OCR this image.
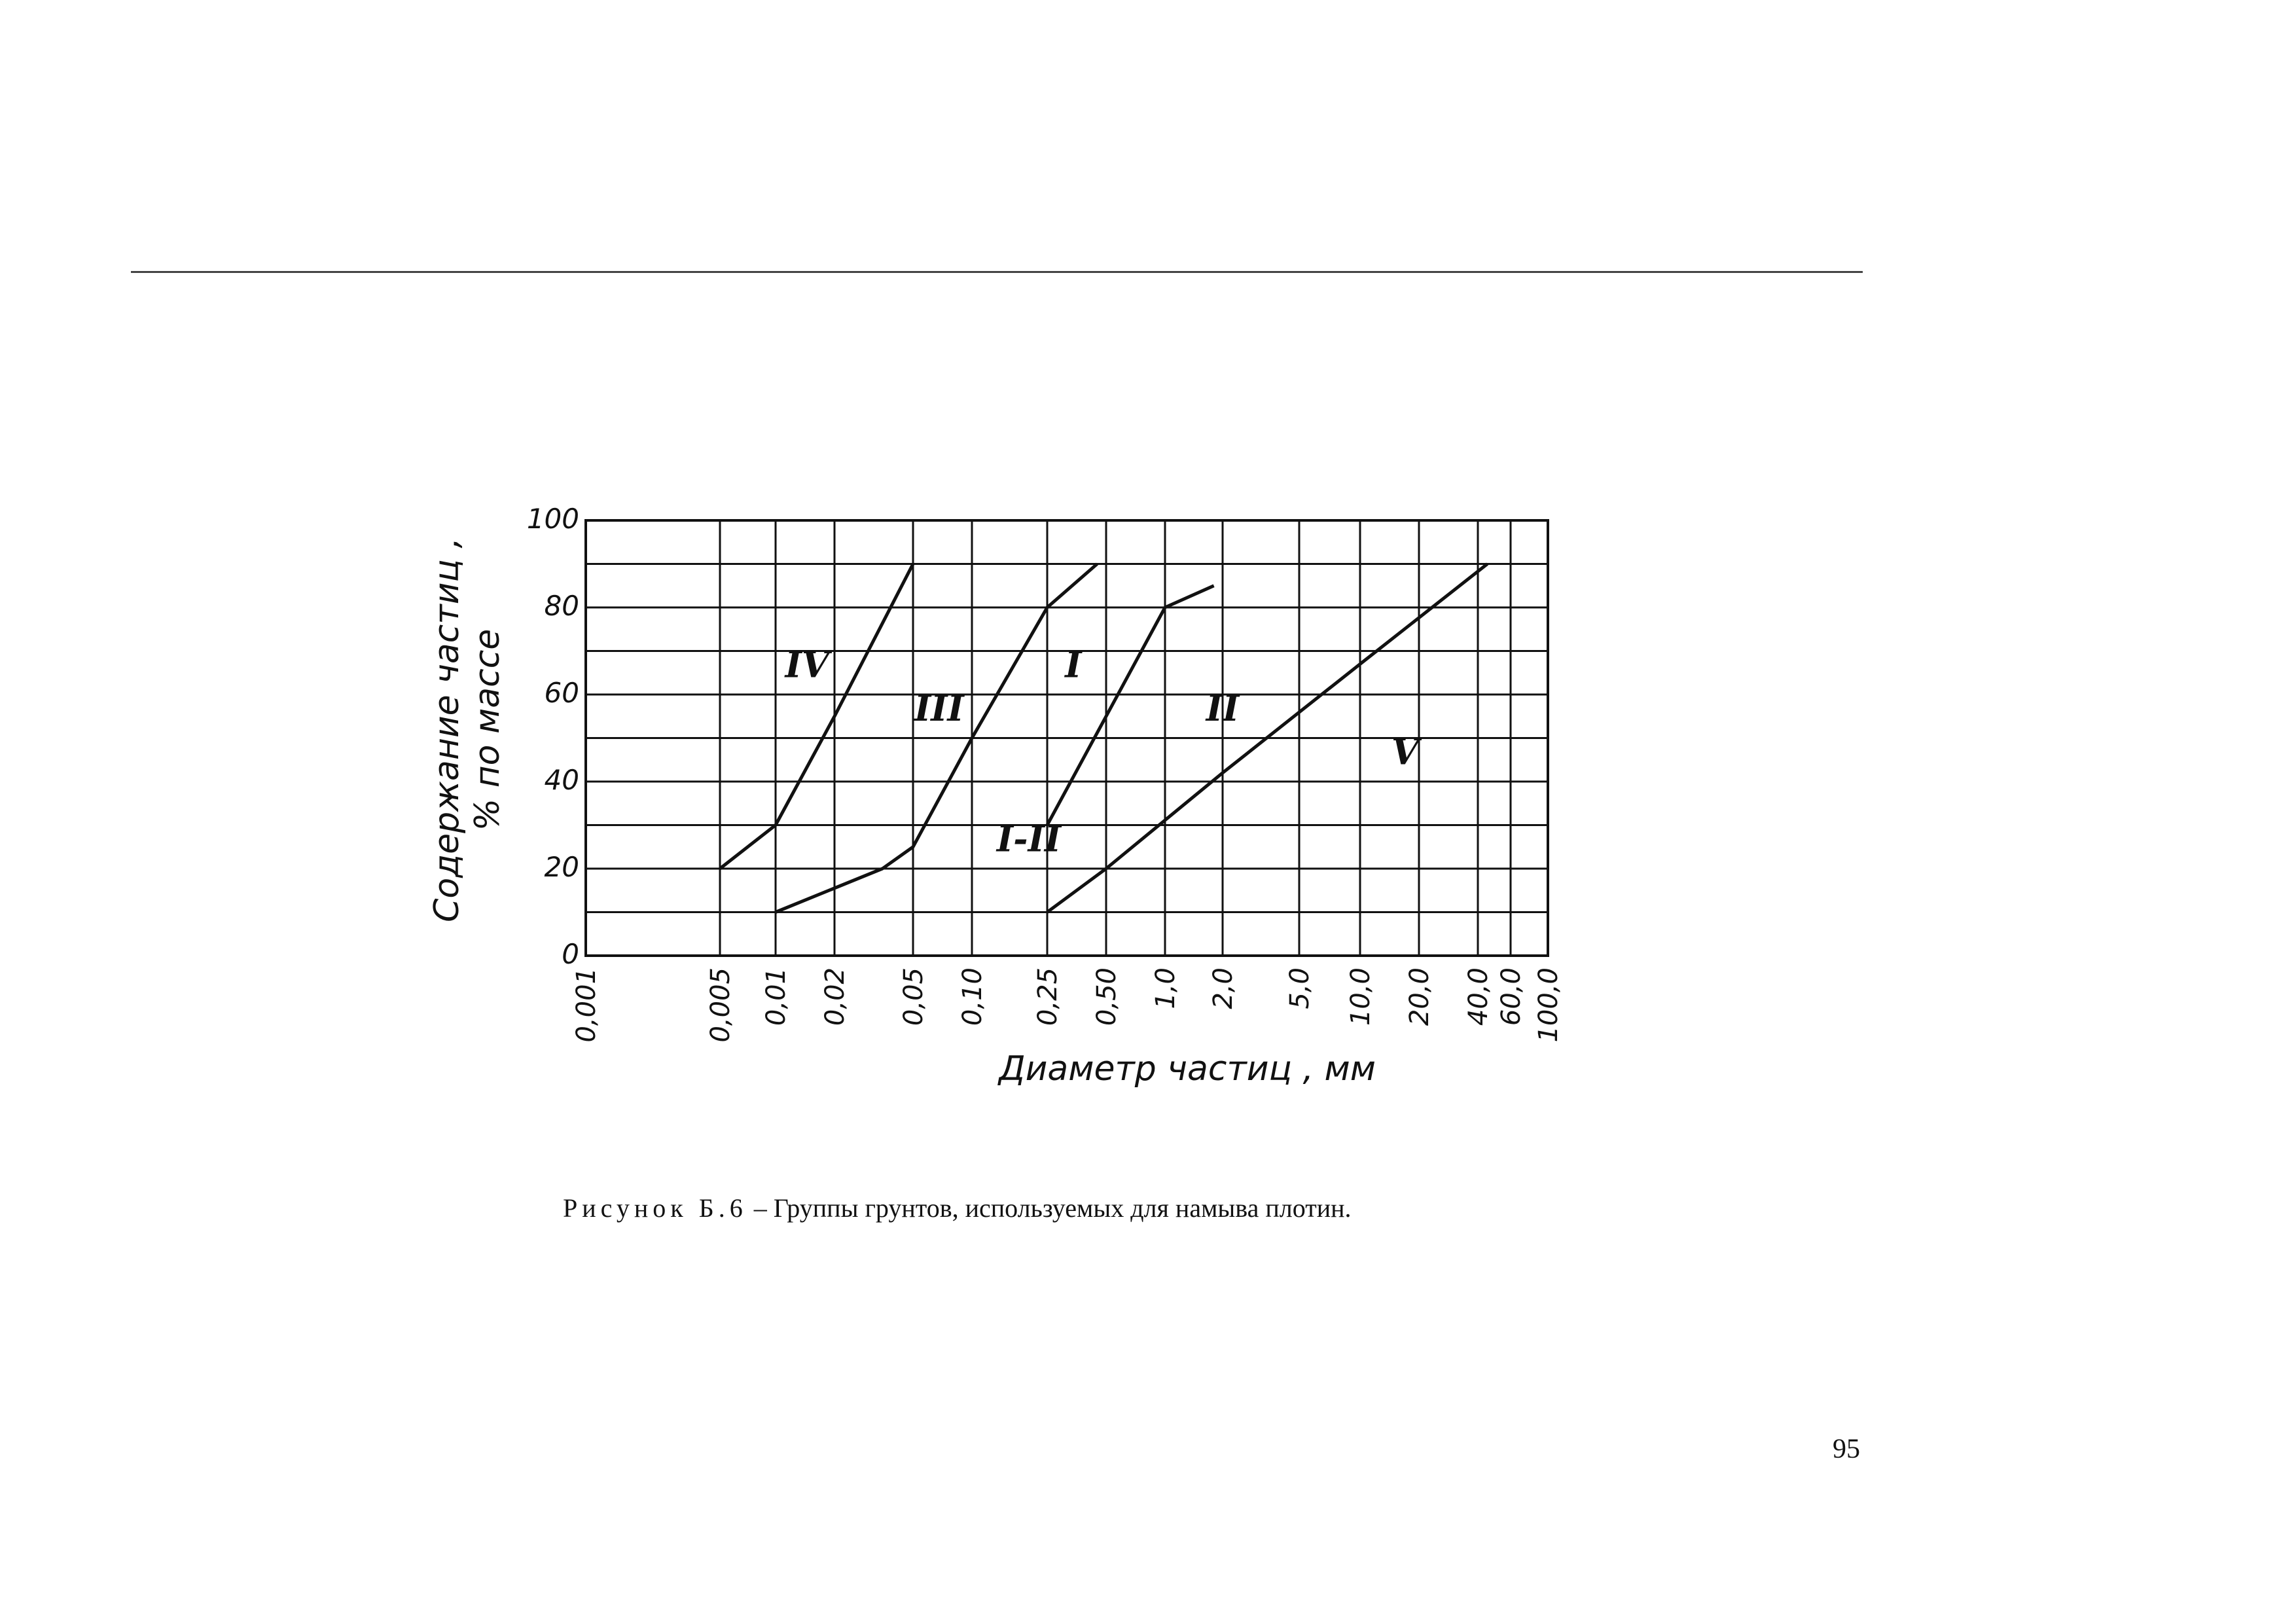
IV
III
I
II
V
I-II
0
20
40
60
80
100
0,001	0,005 0,01 0,02 0,05 0,10 0,25 0,50 1,0 2,0 5,0 10,0 20,0 40,0 60,0 100,0
Диаметр частиц , мм
Содержание частиц , % по массе
Рисунок Б.6 – Группы грунтов, используемых для намыва плотин.
95
